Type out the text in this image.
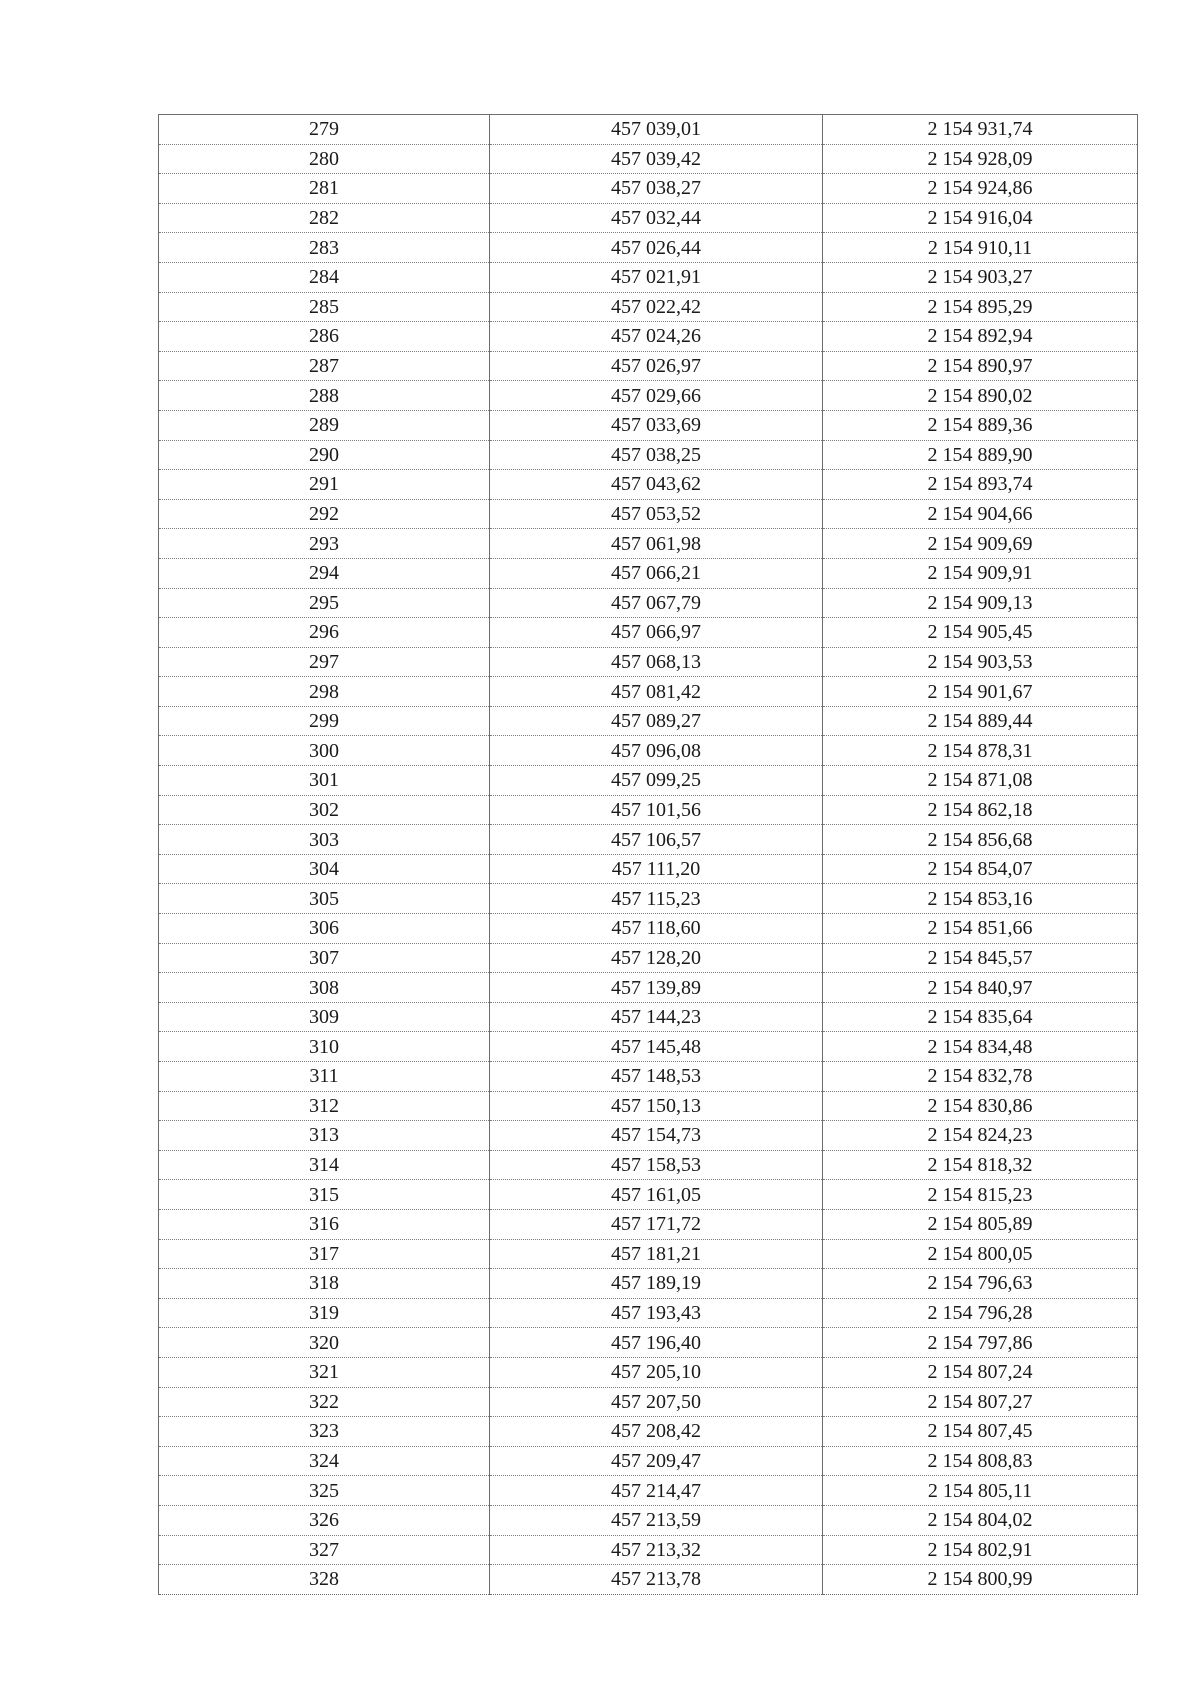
279	457 039,01	2 154 931,74
280	457 039,42	2 154 928,09
281	457 038,27	2 154 924,86
282	457 032,44	2 154 916,04
283	457 026,44	2 154 910,11
284	457 021,91	2 154 903,27
285	457 022,42	2 154 895,29
286	457 024,26	2 154 892,94
287	457 026,97	2 154 890,97
288	457 029,66	2 154 890,02
289	457 033,69	2 154 889,36
290	457 038,25	2 154 889,90
291	457 043,62	2 154 893,74
292	457 053,52	2 154 904,66
293	457 061,98	2 154 909,69
294	457 066,21	2 154 909,91
295	457 067,79	2 154 909,13
296	457 066,97	2 154 905,45
297	457 068,13	2 154 903,53
298	457 081,42	2 154 901,67
299	457 089,27	2 154 889,44
300	457 096,08	2 154 878,31
301	457 099,25	2 154 871,08
302	457 101,56	2 154 862,18
303	457 106,57	2 154 856,68
304	457 111,20	2 154 854,07
305	457 115,23	2 154 853,16
306	457 118,60	2 154 851,66
307	457 128,20	2 154 845,57
308	457 139,89	2 154 840,97
309	457 144,23	2 154 835,64
310	457 145,48	2 154 834,48
311	457 148,53	2 154 832,78
312	457 150,13	2 154 830,86
313	457 154,73	2 154 824,23
314	457 158,53	2 154 818,32
315	457 161,05	2 154 815,23
316	457 171,72	2 154 805,89
317	457 181,21	2 154 800,05
318	457 189,19	2 154 796,63
319	457 193,43	2 154 796,28
320	457 196,40	2 154 797,86
321	457 205,10	2 154 807,24
322	457 207,50	2 154 807,27
323	457 208,42	2 154 807,45
324	457 209,47	2 154 808,83
325	457 214,47	2 154 805,11
326	457 213,59	2 154 804,02
327	457 213,32	2 154 802,91
328	457 213,78	2 154 800,99
